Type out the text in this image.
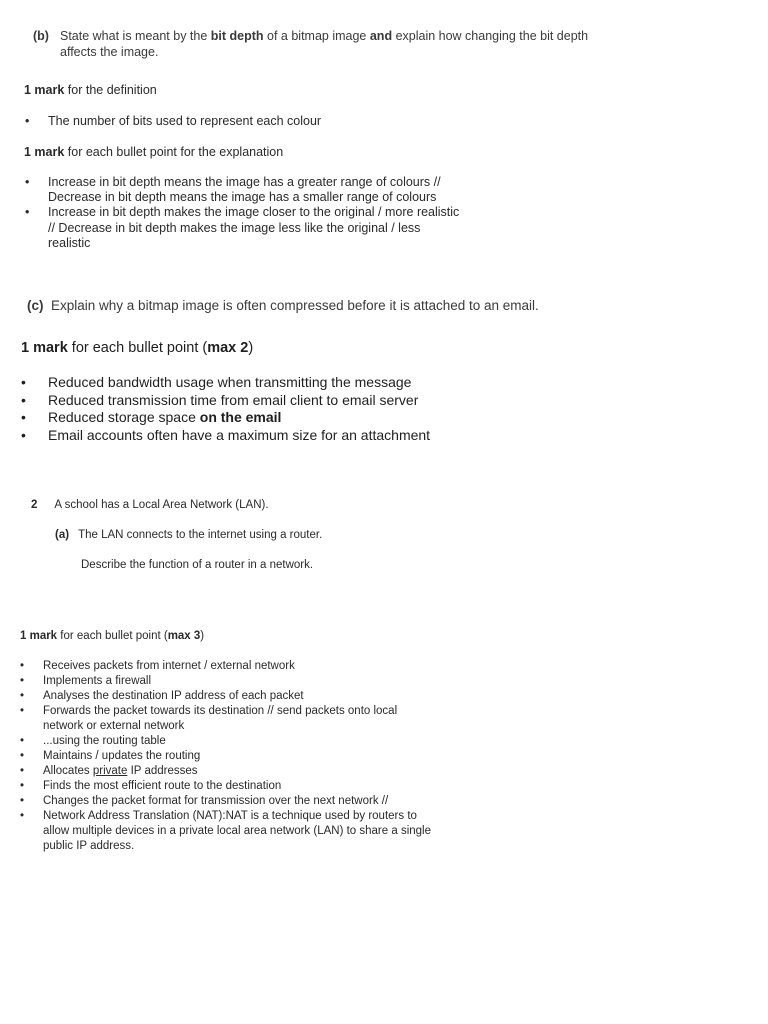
(b) State what is meant by the bit depth of a bitmap image and explain how changing the bit depth affects the image.
1 mark for the definition
• The number of bits used to represent each colour
1 mark for each bullet point for the explanation
• Increase in bit depth means the image has a greater range of colours // Decrease in bit depth means the image has a smaller range of colours
• Increase in bit depth makes the image closer to the original / more realistic // Decrease in bit depth makes the image less like the original / less realistic
(c) Explain why a bitmap image is often compressed before it is attached to an email.
1 mark for each bullet point (max 2)
• Reduced bandwidth usage when transmitting the message
• Reduced transmission time from email client to email server
• Reduced storage space on the email
• Email accounts often have a maximum size for an attachment
2 A school has a Local Area Network (LAN).
(a) The LAN connects to the internet using a router.
Describe the function of a router in a network.
1 mark for each bullet point (max 3)
• Receives packets from internet / external network
• Implements a firewall
• Analyses the destination IP address of each packet
• Forwards the packet towards its destination // send packets onto local network or external network
• ...using the routing table
• Maintains / updates the routing
• Allocates private IP addresses
• Finds the most efficient route to the destination
• Changes the packet format for transmission over the next network //
• Network Address Translation (NAT):NAT is a technique used by routers to allow multiple devices in a private local area network (LAN) to share a single public IP address.
